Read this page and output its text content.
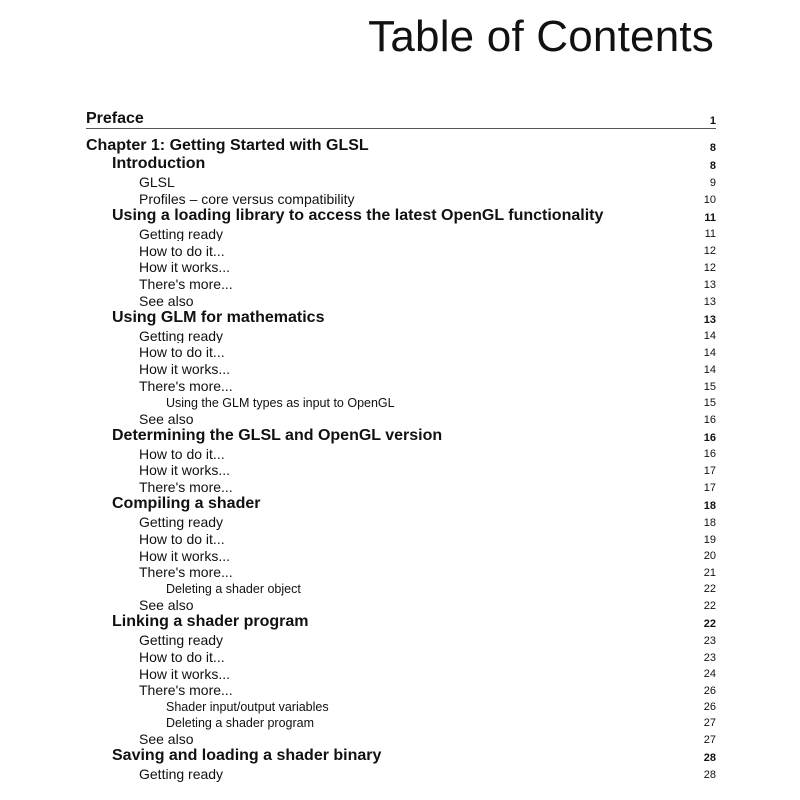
Table of Contents
Preface	1
Chapter 1: Getting Started with GLSL	8
Introduction	8
GLSL	9
Profiles – core versus compatibility	10
Using a loading library to access the latest OpenGL functionality	11
Getting ready	11
How to do it...	12
How it works...	12
There's more...	13
See also	13
Using GLM for mathematics	13
Getting ready	14
How to do it...	14
How it works...	14
There's more...	15
Using the GLM types as input to OpenGL	15
See also	16
Determining the GLSL and OpenGL version	16
How to do it...	16
How it works...	17
There's more...	17
Compiling a shader	18
Getting ready	18
How to do it...	19
How it works...	20
There's more...	21
Deleting a shader object	22
See also	22
Linking a shader program	22
Getting ready	23
How to do it...	23
How it works...	24
There's more...	26
Shader input/output variables	26
Deleting a shader program	27
See also	27
Saving and loading a shader binary	28
Getting ready	28
